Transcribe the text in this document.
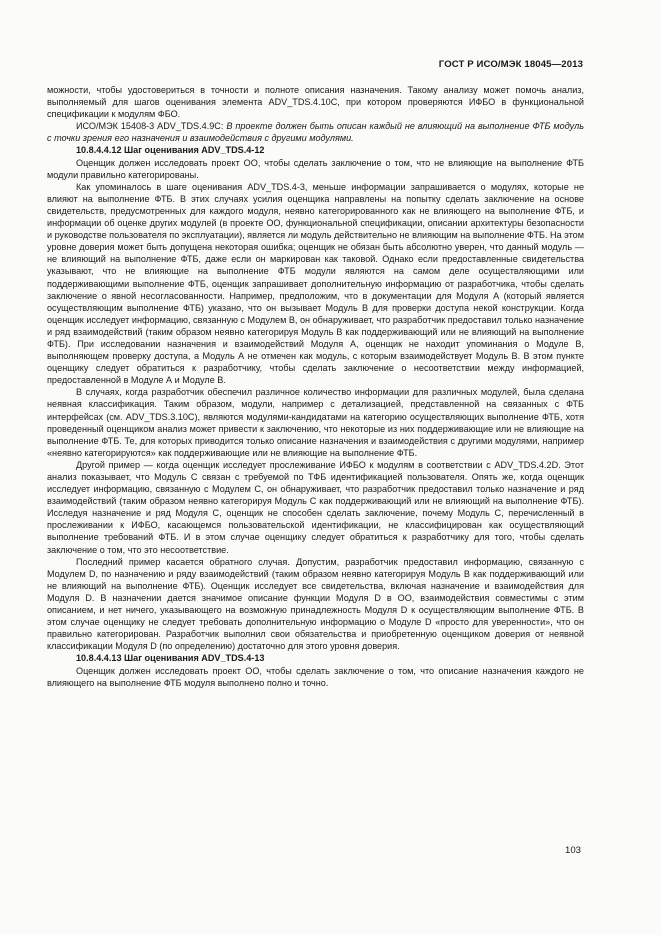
ГОСТ Р ИСО/МЭК 18045—2013

можности, чтобы удостовериться в точности и полноте описания назначения. Такому анализу может помочь анализ, выполняемый для шагов оценивания элемента ADV_TDS.4.10C, при котором проверяются ИФБО в функциональной спецификации к модулям ФБО.

ИСО/МЭК 15408-3 ADV_TDS.4.9C: В проекте должен быть описан каждый не влияющий на выполнение ФТБ модуль с точки зрения его назначения и взаимодействия с другими модулями.

10.8.4.4.12 Шаг оценивания ADV_TDS.4-12

Оценщик должен исследовать проект ОО, чтобы сделать заключение о том, что не влияющие на выполнение ФТБ модули правильно категорированы.

Как упоминалось в шаге оценивания ADV_TDS.4-3, меньше информации запрашивается о модулях, которые не влияют на выполнение ФТБ. В этих случаях усилия оценщика направлены на попытку сделать заключение на основе свидетельств, предусмотренных для каждого модуля, неявно категорированного как не влияющего на выполнение ФТБ, и информации об оценке других модулей (в проекте ОО, функциональной спецификации, описании архитектуры безопасности и руководстве пользователя по эксплуатации), является ли модуль действительно не влияющим на выполнение ФТБ. На этом уровне доверия может быть допущена некоторая ошибка; оценщик не обязан быть абсолютно уверен, что данный модуль — не влияющий на выполнение ФТБ, даже если он маркирован как таковой. Однако если предоставленные свидетельства указывают, что не влияющие на выполнение ФТБ модули являются на самом деле осуществляющими или поддерживающими выполнение ФТБ, оценщик запрашивает дополнительную информацию от разработчика, чтобы сделать заключение о явной несогласованности. Например, предположим, что в документации для Модуля А (который является осуществляющим выполнение ФТБ) указано, что он вызывает Модуль В для проверки доступа некой конструкции. Когда оценщик исследует информацию, связанную с Модулем В, он обнаруживает, что разработчик предоставил только назначение и ряд взаимодействий (таким образом неявно категорируя Модуль В как поддерживающий или не влияющий на выполнение ФТБ). При исследовании назначения и взаимодействий Модуля А, оценщик не находит упоминания о Модуле В, выполняющем проверку доступа, а Модуль А не отмечен как модуль, с которым взаимодействует Модуль В. В этом пункте оценщику следует обратиться к разработчику, чтобы сделать заключение о несоответствии между информацией, предоставленной в Модуле А и Модуле В.

В случаях, когда разработчик обеспечил различное количество информации для различных модулей, была сделана неявная классификация. Таким образом, модули, например с детализацией, представленной на связанных с ФТБ интерфейсах (см. ADV_TDS.3.10C), являются модулями-кандидатами на категорию осуществляющих выполнение ФТБ, хотя проведенный оценщиком анализ может привести к заключению, что некоторые из них поддерживающие или не влияющие на выполнение ФТБ. Те, для которых приводится только описание назначения и взаимодействия с другими модулями, например «неявно категорируются» как поддерживающие или не влияющие на выполнение ФТБ.

Другой пример — когда оценщик исследует прослеживание ИФБО к модулям в соответствии с ADV_TDS.4.2D. Этот анализ показывает, что Модуль С связан с требуемой по ТФБ идентификацией пользователя. Опять же, когда оценщик исследует информацию, связанную с Модулем С, он обнаруживает, что разработчик предоставил только назначение и ряд взаимодействий (таким образом неявно категорируя Модуль С как поддерживающий или не влияющий на выполнение ФТБ). Исследуя назначение и ряд Модуля С, оценщик не способен сделать заключение, почему Модуль С, перечисленный в прослеживании к ИФБО, касающемся пользовательской идентификации, не классифицирован как осуществляющий выполнение требований ФТБ. И в этом случае оценщику следует обратиться к разработчику для того, чтобы сделать заключение о том, что это несоответствие.

Последний пример касается обратного случая. Допустим, разработчик предоставил информацию, связанную с Модулем D, по назначению и ряду взаимодействий (таким образом неявно категорируя Модуль В как поддерживающий или не влияющий на выполнение ФТБ). Оценщик исследует все свидетельства, включая назначение и взаимодействия для Модуля D. В назначении дается значимое описание функции Модуля D в ОО, взаимодействия совместимы с этим описанием, и нет ничего, указывающего на возможную принадлежность Модуля D к осуществляющим выполнение ФТБ. В этом случае оценщику не следует требовать дополнительную информацию о Модуле D «просто для уверенности», что он правильно категорирован. Разработчик выполнил свои обязательства и приобретенную оценщиком доверия от неявной классификации Модуля D (по определению) достаточно для этого уровня доверия.

10.8.4.4.13 Шаг оценивания ADV_TDS.4-13

Оценщик должен исследовать проект ОО, чтобы сделать заключение о том, что описание назначения каждого не влияющего на выполнение ФТБ модуля выполнено полно и точно.

103
